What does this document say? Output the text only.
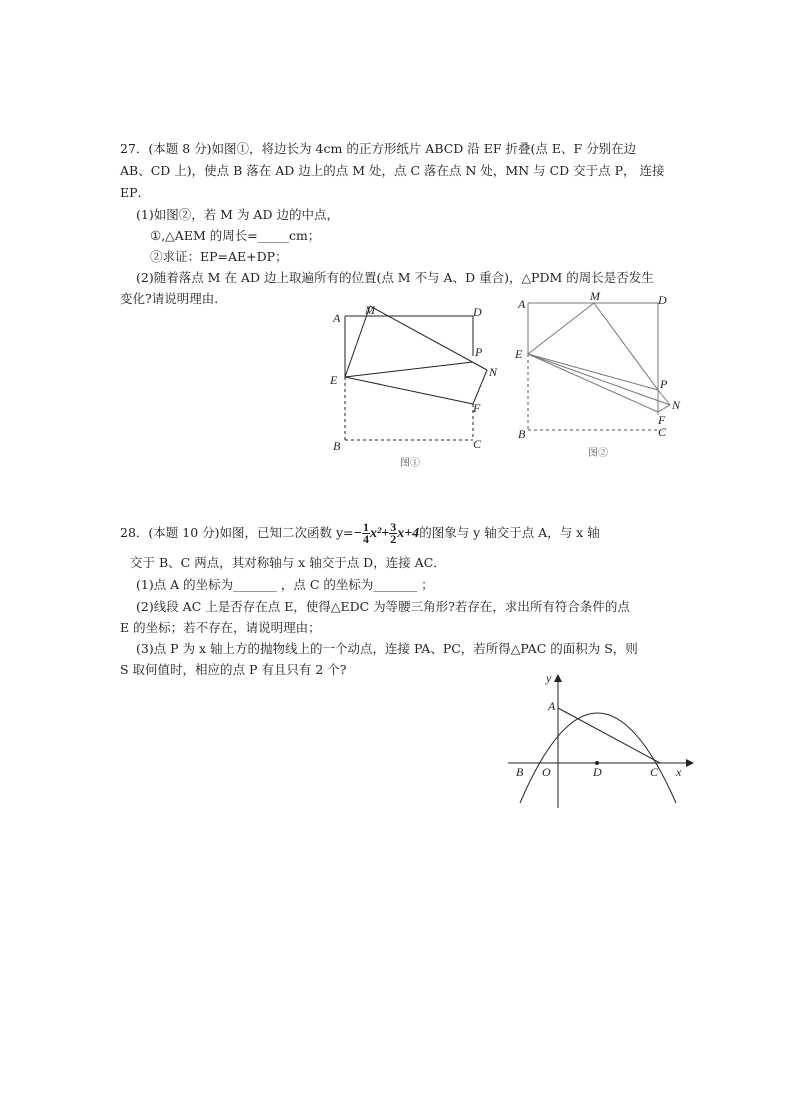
27．(本题 8 分)如图①，将边长为 4cm 的正方形纸片 ABCD 沿 EF 折叠(点 E、F 分别在边
AB、CD 上)，使点 B 落在 AD 边上的点 M 处，点 C 落在点 N 处，MN 与 CD 交于点 P， 连接
EP．
(1)如图②，若 M 为 AD 边的中点，
①,△AEM 的周长=_____cm；
②求证：EP=AE+DP；
(2)随着落点 M 在 AD 边上取遍所有的位置(点 M 不与 A、D 重合)，△PDM 的周长是否发生
变化?请说明理由．
A
M	D
P
N
E
F
B	C
图①
A
M	D
E
P
N
F
B	C
图②
28．(本题 10 分)如图，已知二次函数 $y=- \frac{1}{4} x^2+ \frac{3}{2} x+4$的图象与 y 轴交于点 A，与 x 轴
交于 B、C 两点，其对称轴与 x 轴交于点 D，连接 AC．
(1)点 A 的坐标为_______ ，点 C 的坐标为_______ ；
(2)线段 AC 上是否存在点 E，使得△EDC 为等腰三角形?若存在，求出所有符合条件的点
E 的坐标；若不存在，请说明理由；
(3)点 P 为 x 轴上方的抛物线上的一个动点，连接 PA、PC，若所得△PAC 的面积为 S，则
S 取何值时，相应的点 P 有且只有 2 个?
y
x
A
B O	D	C
